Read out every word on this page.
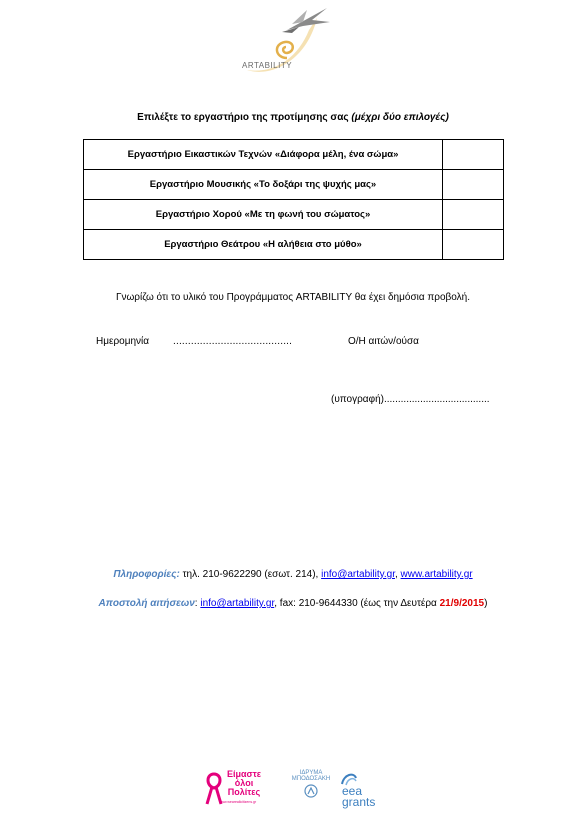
ARTABILITY
Επιλέξτε το εργαστήριο της προτίμησης σας (μέχρι δύο επιλογές)
Εργαστήριο Εικαστικών Τεχνών «Διάφορα μέλη, ένα σώμα»	
Εργαστήριο Μουσικής «Το δοξάρι της ψυχής μας»	
Εργαστήριο Χορού «Με τη φωνή του σώματος»	
Εργαστήριο Θεάτρου «Η αλήθεια στο μύθο»	
Γνωρίζω ότι το υλικό του Προγράμματος ARTABILITY θα έχει δημόσια προβολή.
Ημερομηνία ........................................	Ο/Η αιτών/ούσα
(υπογραφή)......................................
Πληροφορίες: τηλ. 210-9622290 (εσωτ. 214), info@artability.gr, www.artability.gr
Αποστολή αιτήσεων: info@artability.gr, fax: 210-9644330 (έως την Δευτέρα 21/9/2015)
Είμαστε
όλοι
Πολίτες
www.weareallcitizens.gr
ΙΔΡΥΜΑ
ΜΠΟΔΟΣΑΚΗ
eea
grants
